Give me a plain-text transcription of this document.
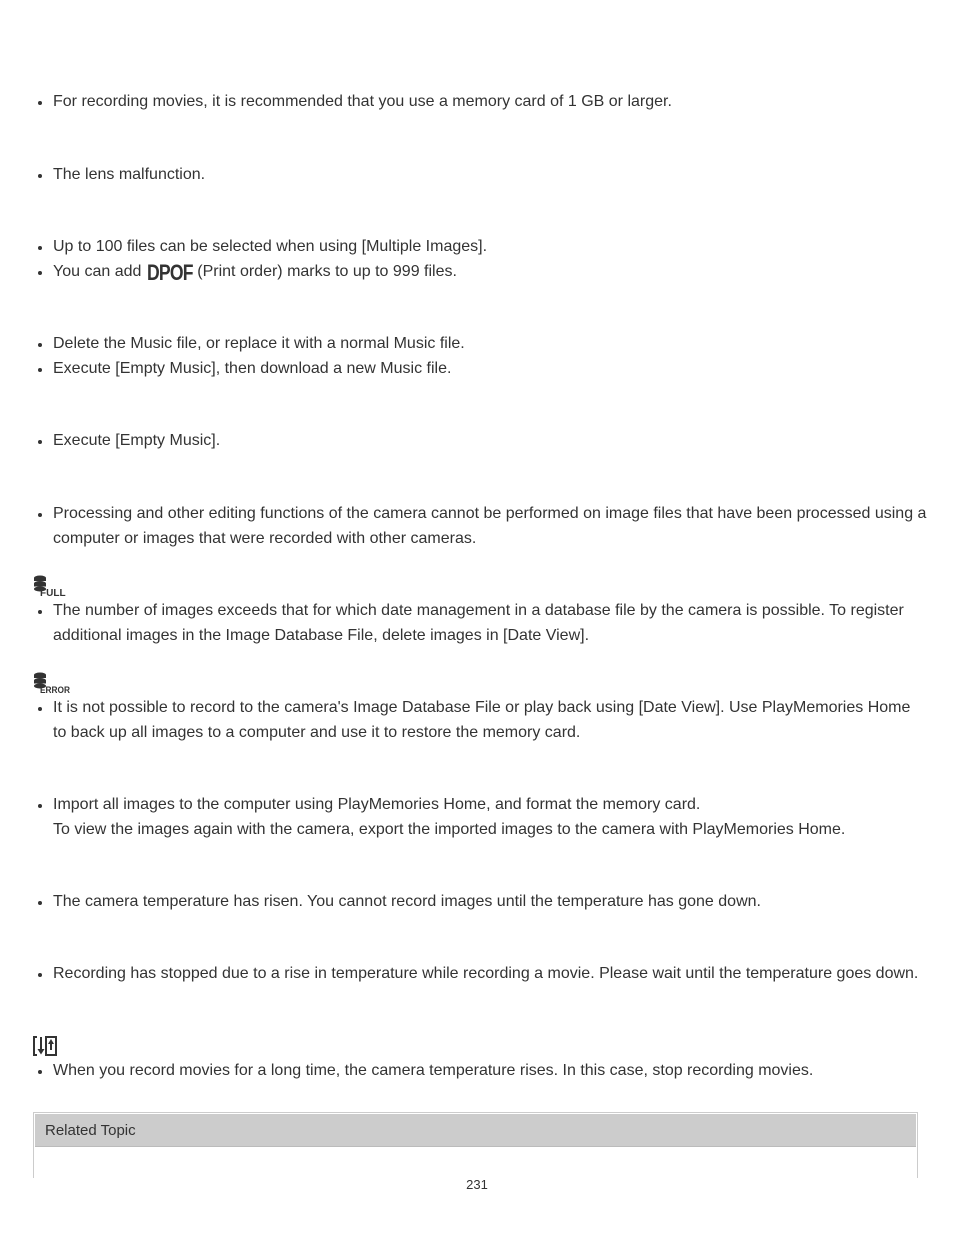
For recording movies, it is recommended that you use a memory card of 1 GB or larger.
The lens malfunction.
Up to 100 files can be selected when using [Multiple Images].
You can add DPOF (Print order) marks to up to 999 files.
Delete the Music file, or replace it with a normal Music file.
Execute [Empty Music], then download a new Music file.
Execute [Empty Music].
Processing and other editing functions of the camera cannot be performed on image files that have been processed using a computer or images that were recorded with other cameras.
FULL
The number of images exceeds that for which date management in a database file by the camera is possible. To register additional images in the Image Database File, delete images in [Date View].
ERROR
It is not possible to record to the camera's Image Database File or play back using [Date View]. Use PlayMemories Home to back up all images to a computer and use it to restore the memory card.
Import all images to the computer using PlayMemories Home, and format the memory card.
To view the images again with the camera, export the imported images to the camera with PlayMemories Home.
The camera temperature has risen. You cannot record images until the temperature has gone down.
Recording has stopped due to a rise in temperature while recording a movie. Please wait until the temperature goes down.
When you record movies for a long time, the camera temperature rises. In this case, stop recording movies.
Related Topic
231
